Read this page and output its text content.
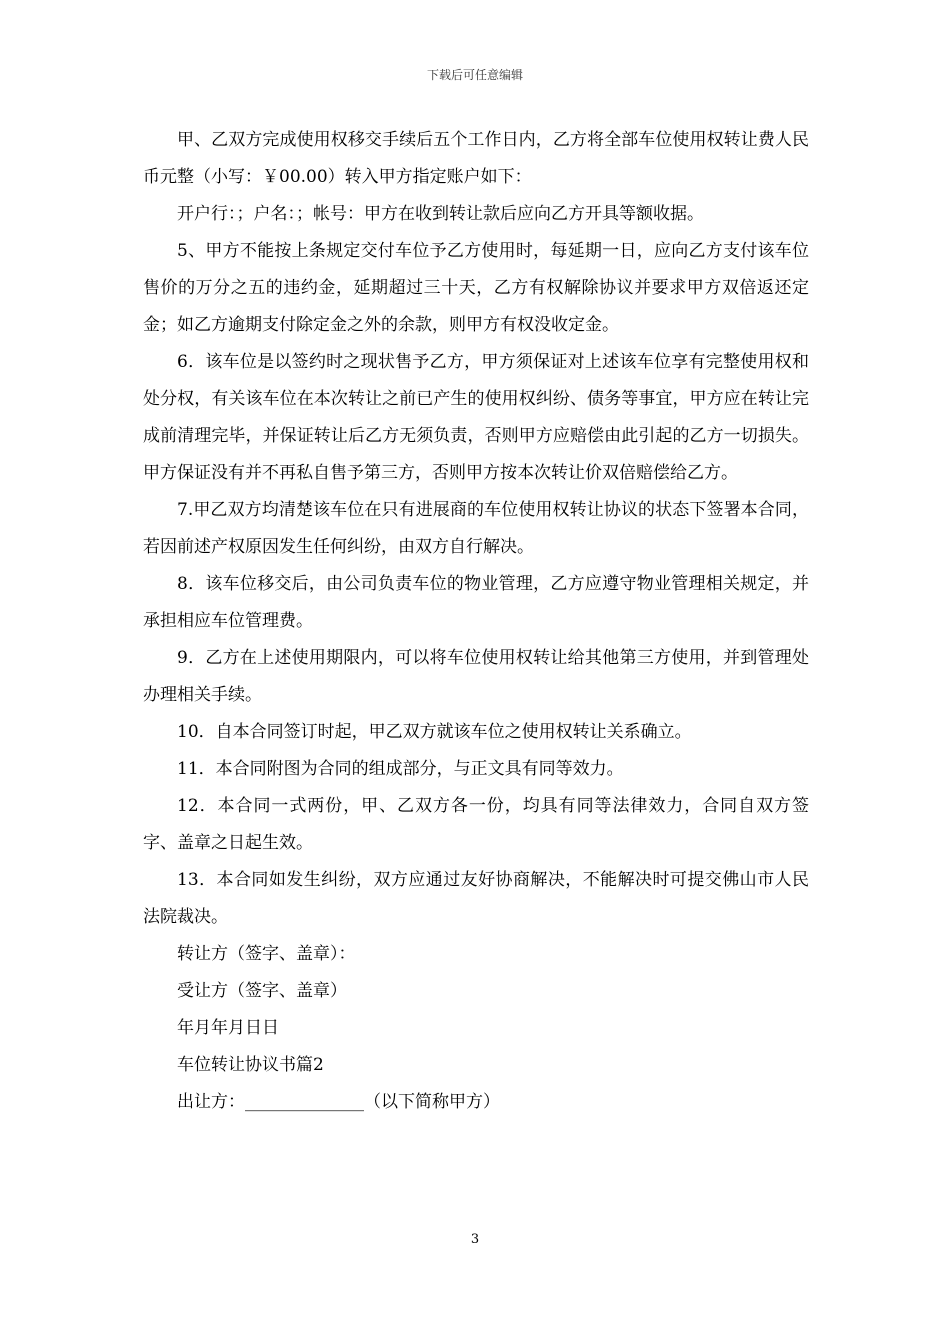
下载后可任意编辑

甲、乙双方完成使用权移交手续后五个工作日内，乙方将全部车位使用权转让费人民币元整（小写：￥00.00）转入甲方指定账户如下：

开户行：；户名：；帐号：甲方在收到转让款后应向乙方开具等额收据。

5、甲方不能按上条规定交付车位予乙方使用时，每延期一日，应向乙方支付该车位售价的万分之五的违约金，延期超过三十天，乙方有权解除协议并要求甲方双倍返还定金；如乙方逾期支付除定金之外的余款，则甲方有权没收定金。

6．该车位是以签约时之现状售予乙方，甲方须保证对上述该车位享有完整使用权和处分权，有关该车位在本次转让之前已产生的使用权纠纷、债务等事宜，甲方应在转让完成前清理完毕，并保证转让后乙方无须负责，否则甲方应赔偿由此引起的乙方一切损失。甲方保证没有并不再私自售予第三方，否则甲方按本次转让价双倍赔偿给乙方。

7.甲乙双方均清楚该车位在只有进展商的车位使用权转让协议的状态下签署本合同，若因前述产权原因发生任何纠纷，由双方自行解决。

8．该车位移交后，由公司负责车位的物业管理，乙方应遵守物业管理相关规定，并承担相应车位管理费。

9．乙方在上述使用期限内，可以将车位使用权转让给其他第三方使用，并到管理处办理相关手续。

10．自本合同签订时起，甲乙双方就该车位之使用权转让关系确立。

11．本合同附图为合同的组成部分，与正文具有同等效力。

12．本合同一式两份，甲、乙双方各一份，均具有同等法律效力，合同自双方签字、盖章之日起生效。

13．本合同如发生纠纷，双方应通过友好协商解决，不能解决时可提交佛山市人民法院裁决。

转让方（签字、盖章）：

受让方（签字、盖章）

年月年月日日

车位转让协议书篇2

出让方：______________（以下简称甲方）

3
